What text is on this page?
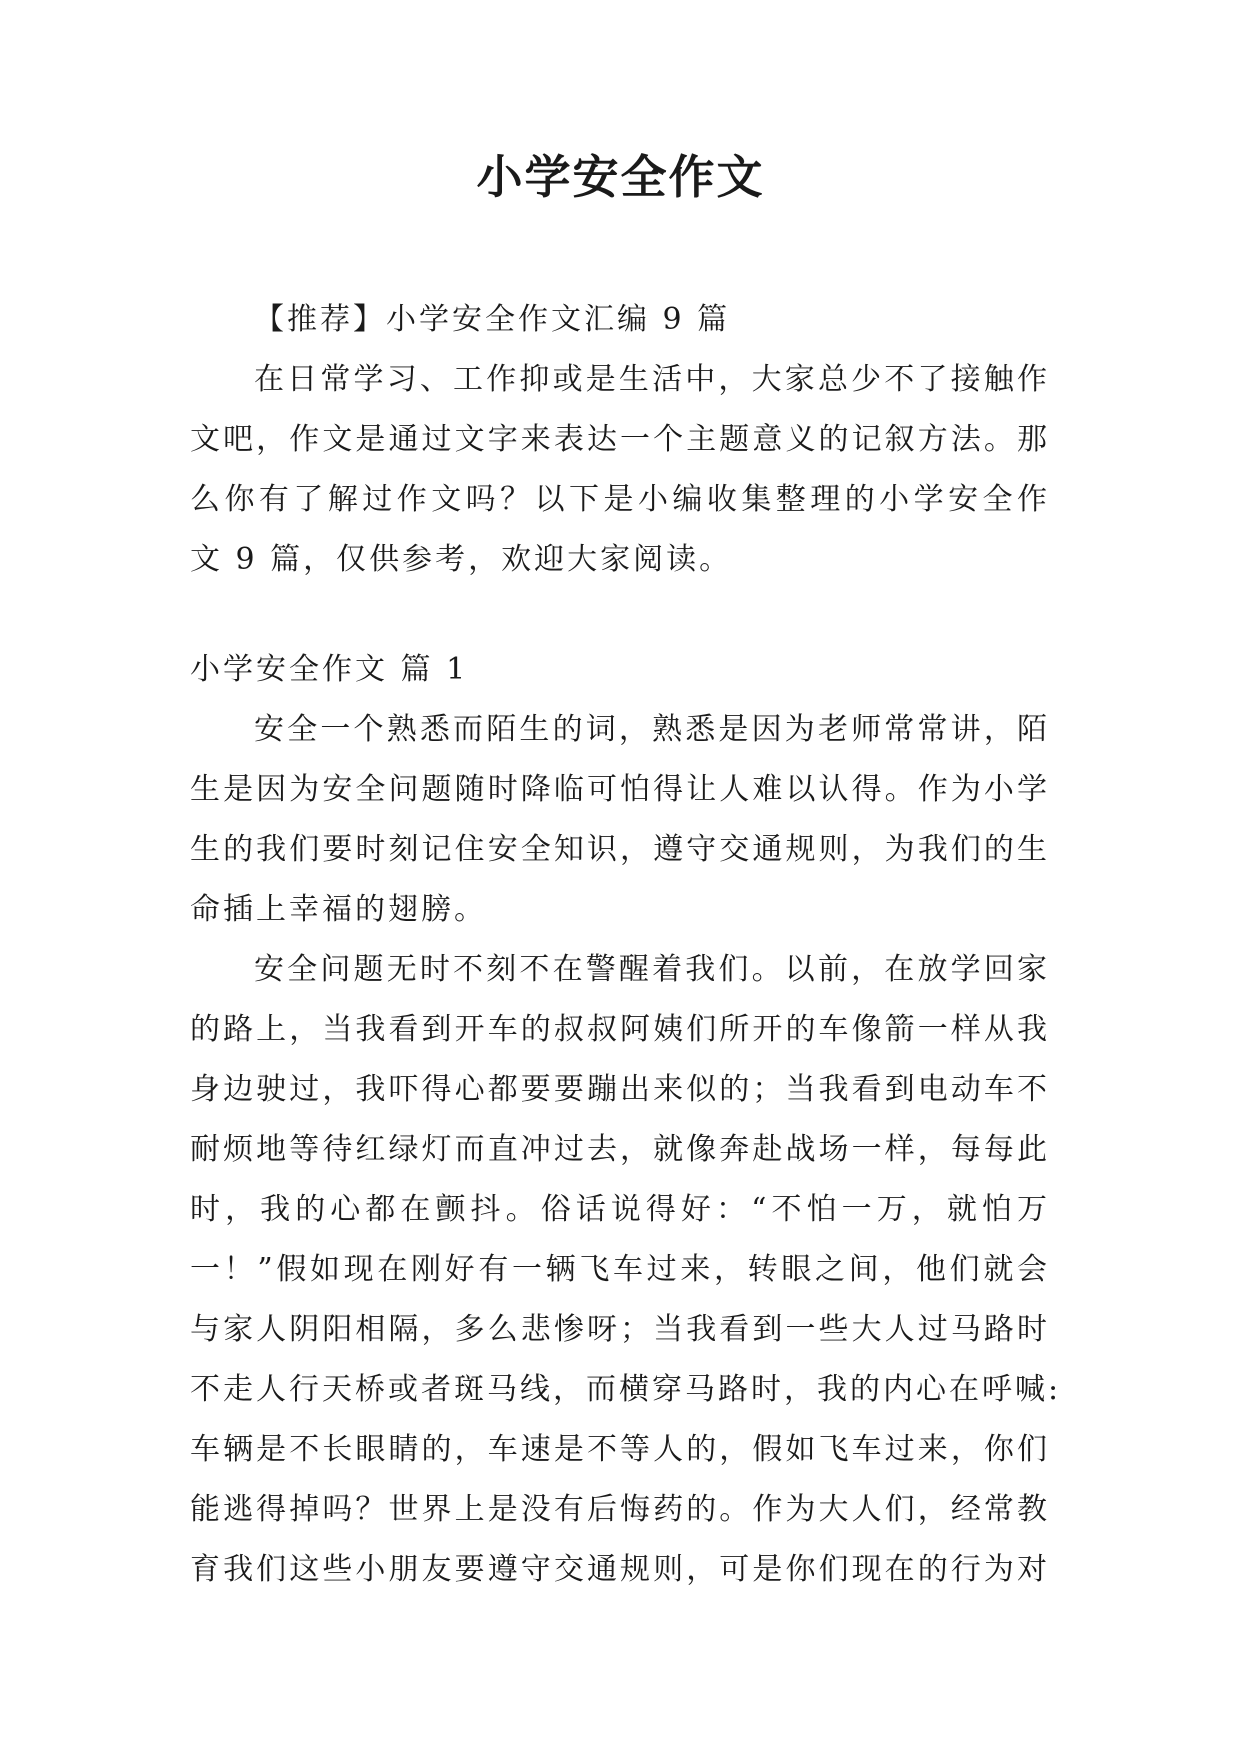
小学安全作文
【推荐】小学安全作文汇编 9 篇
在日常学习、工作抑或是生活中，大家总少不了接触作
文吧，作文是通过文字来表达一个主题意义的记叙方法。那
么你有了解过作文吗？以下是小编收集整理的小学安全作
文 9 篇，仅供参考，欢迎大家阅读。
小学安全作文 篇 1
安全一个熟悉而陌生的词，熟悉是因为老师常常讲，陌
生是因为安全问题随时降临可怕得让人难以认得。作为小学
生的我们要时刻记住安全知识，遵守交通规则，为我们的生
命插上幸福的翅膀。
安全问题无时不刻不在警醒着我们。以前，在放学回家
的路上，当我看到开车的叔叔阿姨们所开的车像箭一样从我
身边驶过，我吓得心都要要蹦出来似的；当我看到电动车不
耐烦地等待红绿灯而直冲过去，就像奔赴战场一样，每每此
时，我的心都在颤抖。俗话说得好：“不怕一万，就怕万
一！”假如现在刚好有一辆飞车过来，转眼之间，他们就会
与家人阴阳相隔，多么悲惨呀；当我看到一些大人过马路时
不走人行天桥或者斑马线，而横穿马路时，我的内心在呼喊:
车辆是不长眼睛的，车速是不等人的，假如飞车过来，你们
能逃得掉吗？世界上是没有后悔药的。作为大人们，经常教
育我们这些小朋友要遵守交通规则，可是你们现在的行为对
